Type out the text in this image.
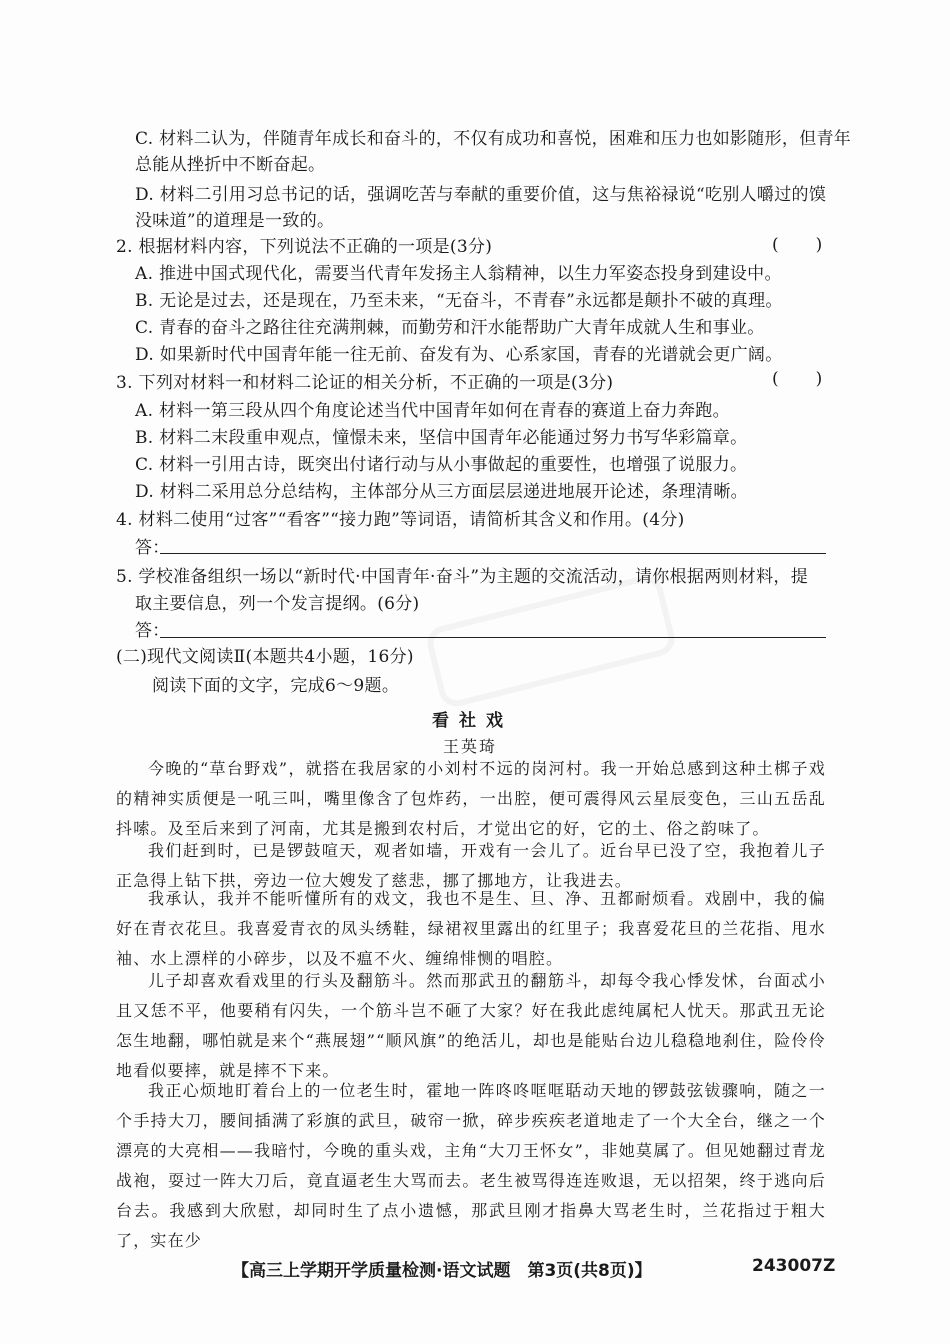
C. 材料二认为，伴随青年成长和奋斗的，不仅有成功和喜悦，困难和压力也如影随形，但青年
总能从挫折中不断奋起。
D. 材料二引用习总书记的话，强调吃苦与奉献的重要价值，这与焦裕禄说“吃别人嚼过的馍
没味道”的道理是一致的。
2. 根据材料内容，下列说法不正确的一项是(3分)	(　)
A. 推进中国式现代化，需要当代青年发扬主人翁精神，以生力军姿态投身到建设中。
B. 无论是过去，还是现在，乃至未来，“无奋斗，不青春”永远都是颠扑不破的真理。
C. 青春的奋斗之路往往充满荆棘，而勤劳和汗水能帮助广大青年成就人生和事业。
D. 如果新时代中国青年能一往无前、奋发有为、心系家国，青春的光谱就会更广阔。
3. 下列对材料一和材料二论证的相关分析，不正确的一项是(3分)	(　)
A. 材料一第三段从四个角度论述当代中国青年如何在青春的赛道上奋力奔跑。
B. 材料二末段重申观点，憧憬未来，坚信中国青年必能通过努力书写华彩篇章。
C. 材料一引用古诗，既突出付诸行动与从小事做起的重要性，也增强了说服力。
D. 材料二采用总分总结构，主体部分从三方面层层递进地展开论述，条理清晰。
4. 材料二使用“过客”“看客”“接力跑”等词语，请简析其含义和作用。(4分)
答：
5. 学校准备组织一场以“新时代·中国青年·奋斗”为主题的交流活动，请你根据两则材料，提
取主要信息，列一个发言提纲。(6分)
答：
(二)现代文阅读Ⅱ(本题共4小题，16分)
阅读下面的文字，完成6～9题。
看社戏
王英琦
今晚的“草台野戏”，就搭在我居家的小刘村不远的岗河村。我一开始总感到这种土梆子戏的精神实质便是一吼三叫，嘴里像含了包炸药，一出腔，便可震得风云星辰变色，三山五岳乱抖嗦。及至后来到了河南，尤其是搬到农村后，才觉出它的好，它的土、俗之韵味了。
我们赶到时，已是锣鼓喧天，观者如墙，开戏有一会儿了。近台早已没了空，我抱着儿子正急得上钻下拱，旁边一位大嫂发了慈悲，挪了挪地方，让我进去。
我承认，我并不能听懂所有的戏文，我也不是生、旦、净、丑都耐烦看。戏剧中，我的偏好在青衣花旦。我喜爱青衣的凤头绣鞋，绿裙衩里露出的红里子；我喜爱花旦的兰花指、甩水袖、水上漂样的小碎步，以及不瘟不火、缠绵悱恻的唱腔。
儿子却喜欢看戏里的行头及翻筋斗。然而那武丑的翻筋斗，却每令我心悸发怵，台面忒小且又恁不平，他要稍有闪失，一个筋斗岂不砸了大家？好在我此虑纯属杞人忧天。那武丑无论怎生地翻，哪怕就是来个“燕展翅”“顺风旗”的绝活儿，却也是能贴台边儿稳稳地刹住，险伶伶地看似要摔，就是摔不下来。
我正心烦地盯着台上的一位老生时，霍地一阵咚咚哐哐聒动天地的锣鼓弦钹骤响，随之一个手持大刀，腰间插满了彩旗的武旦，破帘一掀，碎步疾疾老道地走了一个大全台，继之一个漂亮的大亮相——我暗忖，今晚的重头戏，主角“大刀王怀女”，非她莫属了。但见她翻过青龙战袍，耍过一阵大刀后，竟直逼老生大骂而去。老生被骂得连连败退，无以招架，终于逃向后台去。我感到大欣慰，却同时生了点小遗憾，那武旦刚才指鼻大骂老生时，兰花指过于粗大了，实在少
【高三上学期开学质量检测·语文试题　第3页(共8页)】	243007Z
